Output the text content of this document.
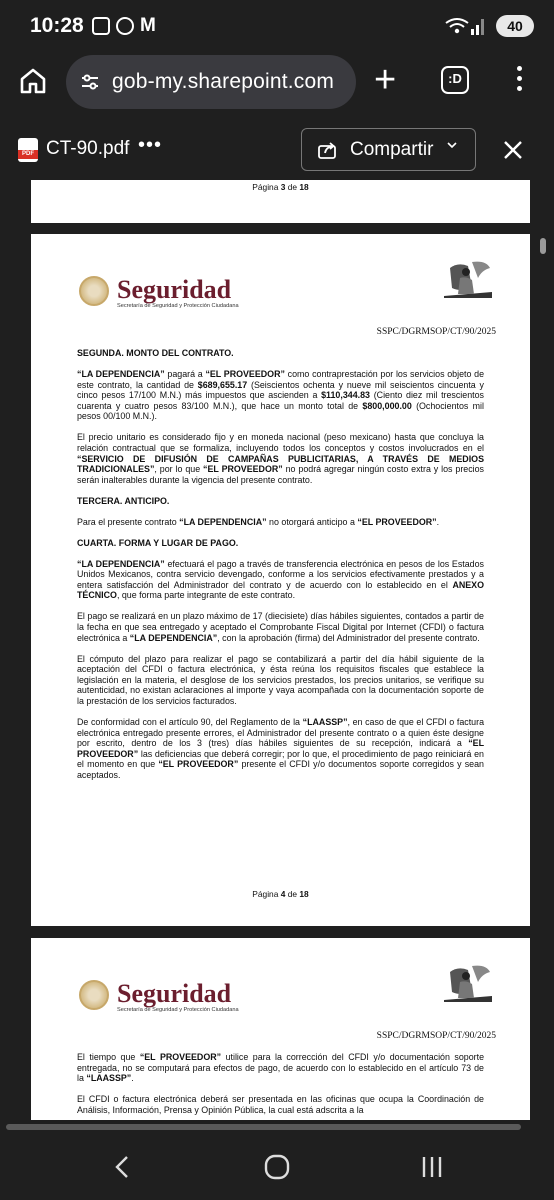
10:28	M	40
gob-my.sharepoint.com +	:D
PDF CT-90.pdf •••	Compartir
Página 3 de 18
Seguridad
Secretaría de Seguridad y Protección Ciudadana
SSPC/DGRMSOP/CT/90/2025

SEGUNDA. MONTO DEL CONTRATO.

“LA DEPENDENCIA” pagará a “EL PROVEEDOR” como contraprestación por los servicios objeto de este contrato, la cantidad de $689,655.17 (Seiscientos ochenta y nueve mil seiscientos cincuenta y cinco pesos 17/100 M.N.) más impuestos que ascienden a $110,344.83 (Ciento diez mil trescientos cuarenta y cuatro pesos 83/100 M.N.), que hace un monto total de $800,000.00 (Ochocientos mil pesos 00/100 M.N.).

El precio unitario es considerado fijo y en moneda nacional (peso mexicano) hasta que concluya la relación contractual que se formaliza, incluyendo todos los conceptos y costos involucrados en el “SERVICIO DE DIFUSIÓN DE CAMPAÑAS PUBLICITARIAS, A TRAVÉS DE MEDIOS TRADICIONALES”, por lo que “EL PROVEEDOR” no podrá agregar ningún costo extra y los precios serán inalterables durante la vigencia del presente contrato.

TERCERA. ANTICIPO.

Para el presente contrato “LA DEPENDENCIA” no otorgará anticipo a “EL PROVEEDOR”.

CUARTA. FORMA Y LUGAR DE PAGO.

“LA DEPENDENCIA” efectuará el pago a través de transferencia electrónica en pesos de los Estados Unidos Mexicanos, contra servicio devengado, conforme a los servicios efectivamente prestados y a entera satisfacción del Administrador del contrato y de acuerdo con lo establecido en el ANEXO TÉCNICO, que forma parte integrante de este contrato.

El pago se realizará en un plazo máximo de 17 (diecisiete) días hábiles siguientes, contados a partir de la fecha en que sea entregado y aceptado el Comprobante Fiscal Digital por Internet (CFDI) o factura electrónica a “LA DEPENDENCIA”, con la aprobación (firma) del Administrador del presente contrato.

El cómputo del plazo para realizar el pago se contabilizará a partir del día hábil siguiente de la aceptación del CFDI o factura electrónica, y ésta reúna los requisitos fiscales que establece la legislación en la materia, el desglose de los servicios prestados, los precios unitarios, se verifique su autenticidad, no existan aclaraciones al importe y vaya acompañada con la documentación soporte de la prestación de los servicios facturados.

De conformidad con el artículo 90, del Reglamento de la “LAASSP”, en caso de que el CFDI o factura electrónica entregado presente errores, el Administrador del presente contrato o a quien éste designe por escrito, dentro de los 3 (tres) días hábiles siguientes de su recepción, indicará a “EL PROVEEDOR” las deficiencias que deberá corregir; por lo que, el procedimiento de pago reiniciará en el momento en que “EL PROVEEDOR” presente el CFDI y/o documentos soporte corregidos y sean aceptados.

Página 4 de 18
Seguridad
Secretaría de Seguridad y Protección Ciudadana
SSPC/DGRMSOP/CT/90/2025

El tiempo que “EL PROVEEDOR” utilice para la corrección del CFDI y/o documentación soporte entregada, no se computará para efectos de pago, de acuerdo con lo establecido en el artículo 73 de la “LAASSP”.

El CFDI o factura electrónica deberá ser presentada en las oficinas que ocupa la Coordinación de Análisis, Información, Prensa y Opinión Pública, la cual está adscrita a la
